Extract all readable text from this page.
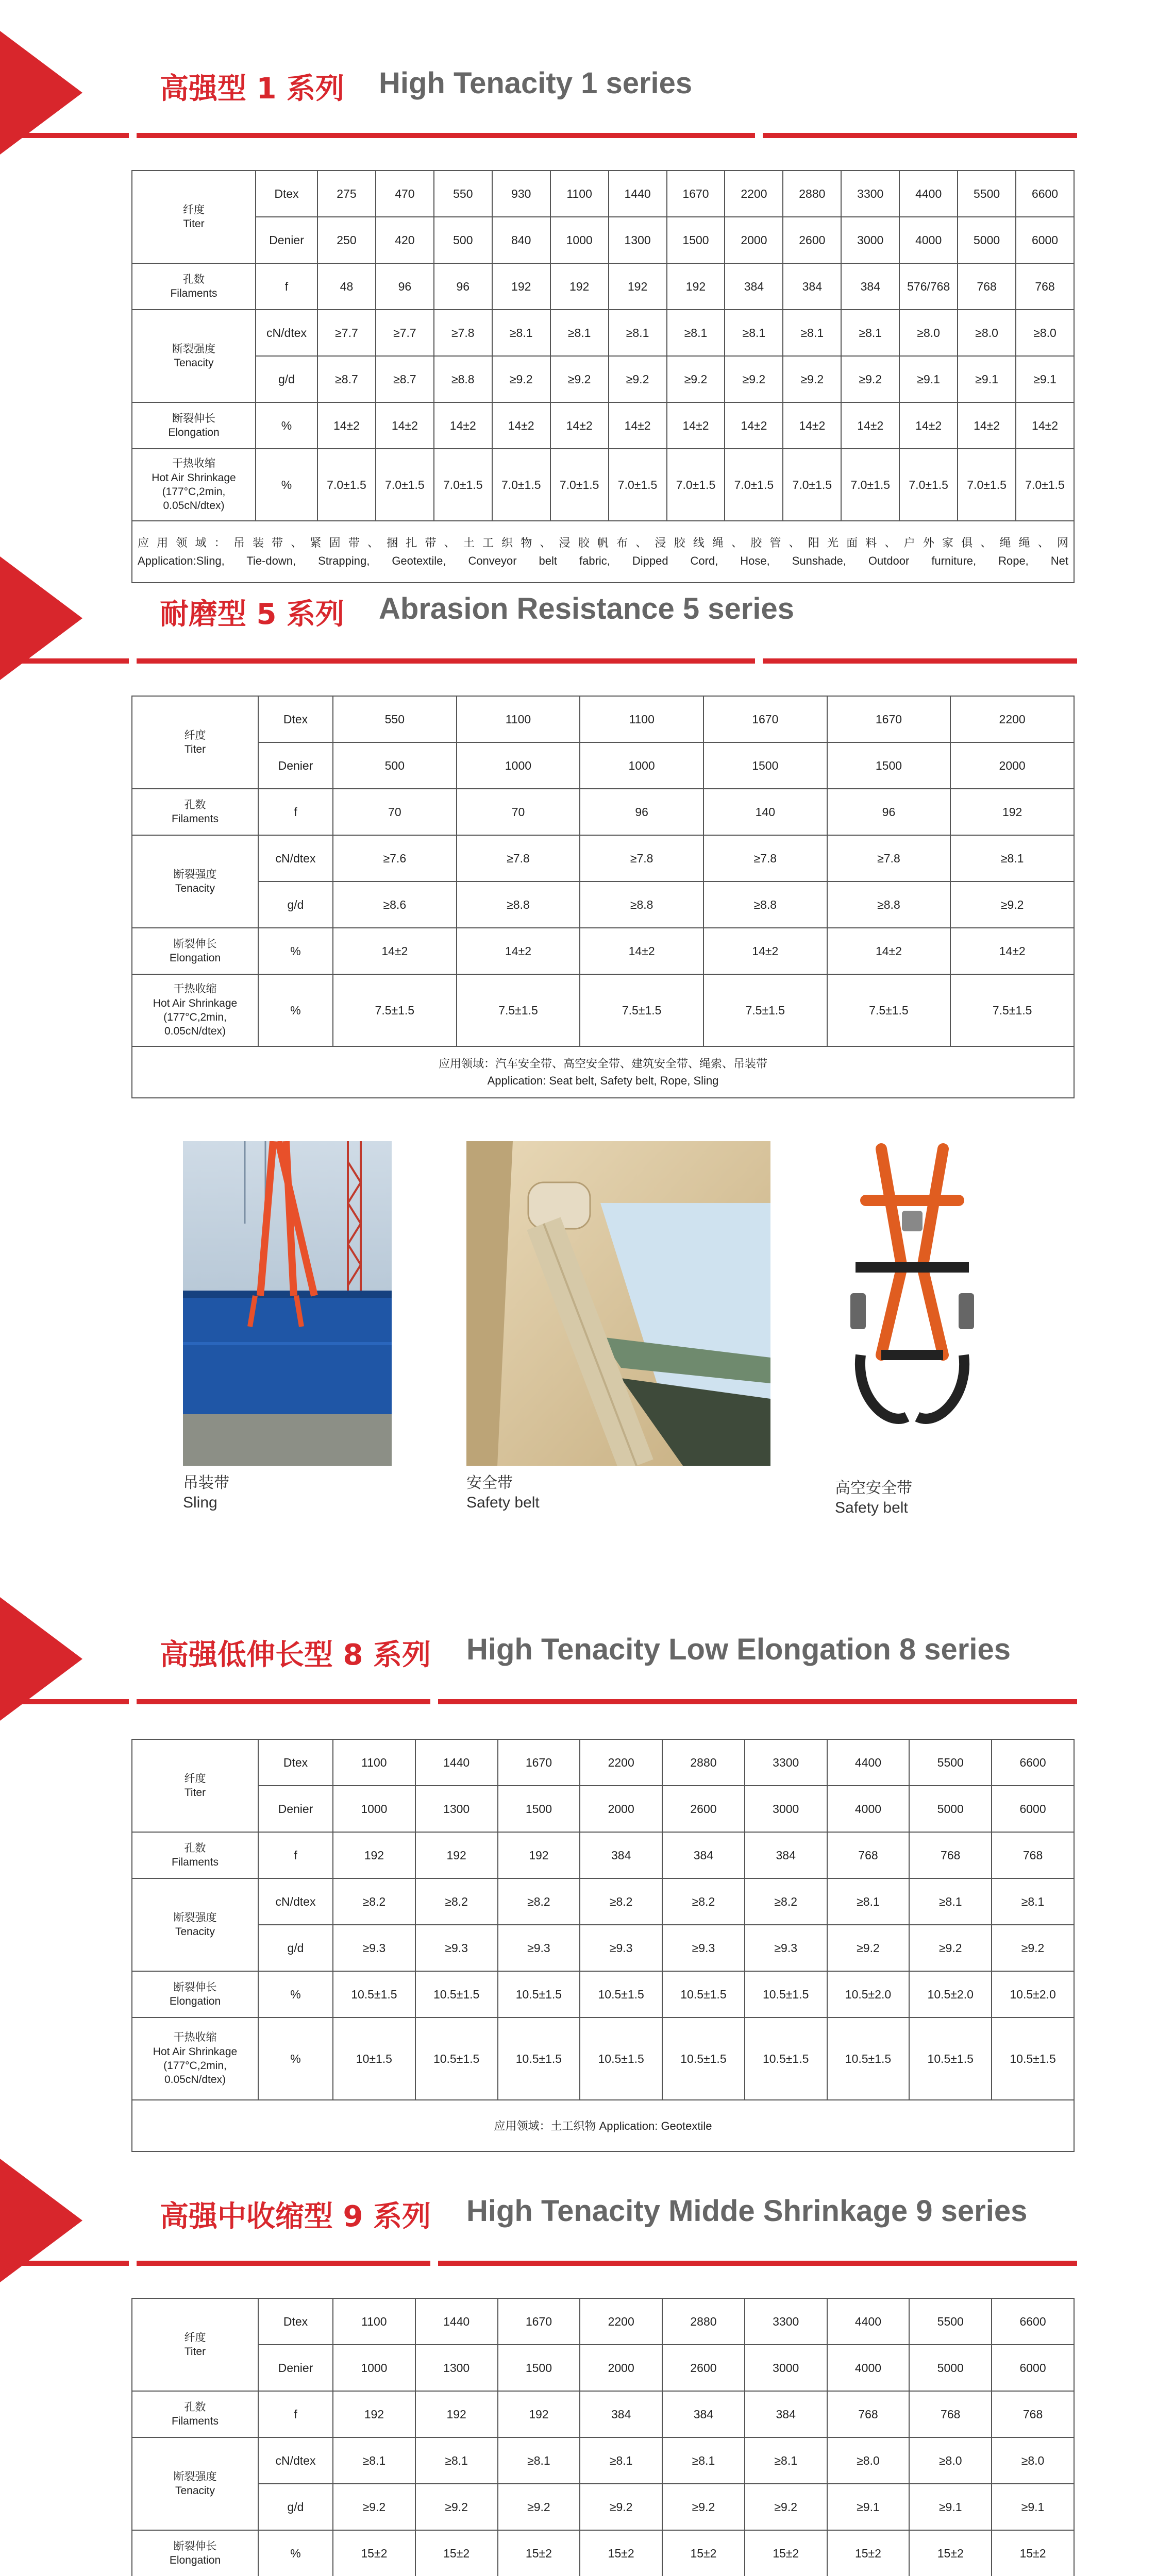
高强型 1 系列 High Tenacity 1 series
纤度
Titer	Dtex	275	470	550	930	1100	1440	1670	2200	2880	3300	4400	5500	6600
	Denier	250	420	500	840	1000	1300	1500	2000	2600	3000	4000	5000	6000

孔数
Filaments	f	48	96	96	192	192	192	192	384	384	384	576/768	768	768

断裂强度
Tenacity	cN/dtex	≥7.7	≥7.7	≥7.8	≥8.1	≥8.1	≥8.1	≥8.1	≥8.1	≥8.1	≥8.1	≥8.0	≥8.0	≥8.0
	g/d	≥8.7	≥8.7	≥8.8	≥9.2	≥9.2	≥9.2	≥9.2	≥9.2	≥9.2	≥9.2	≥9.1	≥9.1	≥9.1

断裂伸长
Elongation	%	14±2	14±2	14±2	14±2	14±2	14±2	14±2	14±2	14±2	14±2	14±2	14±2	14±2

干热收缩
Hot Air Shrinkage
(177°C,2min,
0.05cN/dtex)	%	7.0±1.5	7.0±1.5	7.0±1.5	7.0±1.5	7.0±1.5	7.0±1.5	7.0±1.5	7.0±1.5	7.0±1.5	7.0±1.5	7.0±1.5	7.0±1.5	7.0±1.5

应用领域：吊装带、紧固带、捆扎带、土工织物、浸胶帆布、浸胶线绳、胶管、阳光面料、户外家俱、绳绳、网
Application:Sling, Tie-down, Strapping, Geotextile, Conveyor belt fabric, Dipped Cord, Hose, Sunshade, Outdoor furniture, Rope, Net														
耐磨型 5 系列 Abrasion Resistance 5 series
纤度
Titer	Dtex	550	1100	1100	1670	1670	2200
	Denier	500	1000	1000	1500	1500	2000

孔数
Filaments	f	70	70	96	140	96	192

断裂强度
Tenacity	cN/dtex	≥7.6	≥7.8	≥7.8	≥7.8	≥7.8	≥8.1
	g/d	≥8.6	≥8.8	≥8.8	≥8.8	≥8.8	≥9.2

断裂伸长
Elongation	%	14±2	14±2	14±2	14±2	14±2	14±2

干热收缩
Hot Air Shrinkage
(177°C,2min,
0.05cN/dtex)	%	7.5±1.5	7.5±1.5	7.5±1.5	7.5±1.5	7.5±1.5	7.5±1.5

应用领域：汽车安全带、高空安全带、建筑安全带、绳索、吊装带
Application: Seat belt, Safety belt, Rope, Sling							
吊装带
Sling
安全带
Safety belt
高空安全带
Safety belt
高强低伸长型 8 系列 High Tenacity Low Elongation 8 series
纤度
Titer	Dtex	1100	1440	1670	2200	2880	3300	4400	5500	6600
	Denier	1000	1300	1500	2000	2600	3000	4000	5000	6000

孔数
Filaments	f	192	192	192	384	384	384	768	768	768

断裂强度
Tenacity	cN/dtex	≥8.2	≥8.2	≥8.2	≥8.2	≥8.2	≥8.2	≥8.1	≥8.1	≥8.1
	g/d	≥9.3	≥9.3	≥9.3	≥9.3	≥9.3	≥9.3	≥9.2	≥9.2	≥9.2

断裂伸长
Elongation	%	10.5±1.5	10.5±1.5	10.5±1.5	10.5±1.5	10.5±1.5	10.5±1.5	10.5±2.0	10.5±2.0	10.5±2.0

干热收缩
Hot Air Shrinkage
(177°C,2min,
0.05cN/dtex)	%	10±1.5	10.5±1.5	10.5±1.5	10.5±1.5	10.5±1.5	10.5±1.5	10.5±1.5	10.5±1.5	10.5±1.5

应用领域：土工织物 Application: Geotextile										
高强中收缩型 9 系列 High Tenacity Midde Shrinkage 9 series
纤度
Titer	Dtex	1100	1440	1670	2200	2880	3300	4400	5500	6600
	Denier	1000	1300	1500	2000	2600	3000	4000	5000	6000

孔数
Filaments	f	192	192	192	384	384	384	768	768	768

断裂强度
Tenacity	cN/dtex	≥8.1	≥8.1	≥8.1	≥8.1	≥8.1	≥8.1	≥8.0	≥8.0	≥8.0
	g/d	≥9.2	≥9.2	≥9.2	≥9.2	≥9.2	≥9.2	≥9.1	≥9.1	≥9.1

断裂伸长
Elongation	%	15±2	15±2	15±2	15±2	15±2	15±2	15±2	15±2	15±2
